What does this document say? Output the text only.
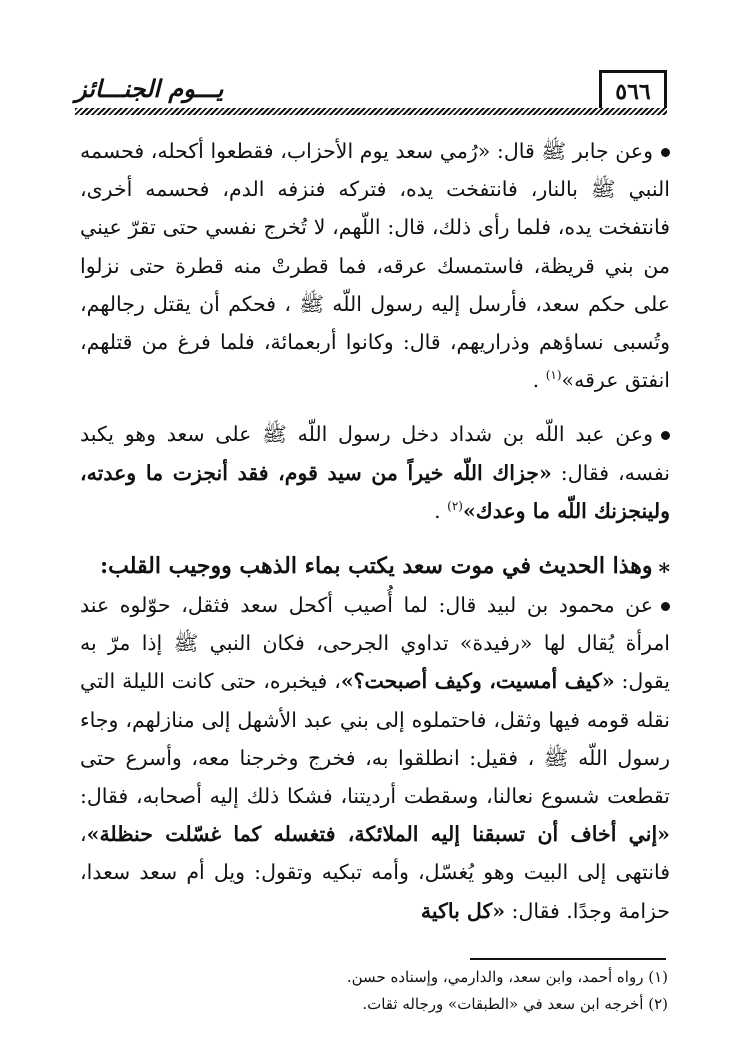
٥٦٦
يـــوم الجنـــائز

وعن جابر ﷺ قال: «رُمي سعد يوم الأحزاب، فقطعوا أكحله، فحسمه النبي ﷺ بالنار، فانتفخت يده، فتركه فنزفه الدم، فحسمه أخرى، فانتفخت يده، فلما رأى ذلك، قال: اللّهم، لا تُخرج نفسي حتى تقرّ عيني من بني قريظة، فاستمسك عرقه، فما قطرتْ منه قطرة حتى نزلوا على حكم سعد، فأرسل إليه رسول اللّه ﷺ ، فحكم أن يقتل رجالهم، وتُسبى نساؤهم وذراريهم، قال: وكانوا أربعمائة، فلما فرغ من قتلهم، انفتق عرقه»$^{(١)}$ .

وعن عبد اللّه بن شداد دخل رسول اللّه ﷺ على سعد وهو يكبد نفسه، فقال: «جزاك اللّه خيراً من سيد قوم، فقد أنجزت ما وعدته، ولينجزنك اللّه ما وعدك»$^{(٢)}$ .

⁎وهذا الحديث في موت سعد يكتب بماء الذهب ووجيب القلب:

عن محمود بن لبيد قال: لما أُصيب أكحل سعد فثقل، حوّلوه عند امرأة يُقال لها «رفيدة» تداوي الجرحى، فكان النبي ﷺ إذا مرّ به يقول: «كيف أمسيت، وكيف أصبحت؟»، فيخبره، حتى كانت الليلة التي نقله قومه فيها وثقل، فاحتملوه إلى بني عبد الأشهل إلى منازلهم، وجاء رسول اللّه ﷺ ، فقيل: انطلقوا به، فخرج وخرجنا معه، وأسرع حتى تقطعت شسوع نعالنا، وسقطت أرديتنا، فشكا ذلك إليه أصحابه، فقال: «إني أخاف أن تسبقنا إليه الملائكة، فتغسله كما غسّلت حنظلة»، فانتهى إلى البيت وهو يُغسّل، وأمه تبكيه وتقول: ويل أم سعد سعدا، حزامة وجدًا. فقال: «كل باكية

(١) رواه أحمد، وابن سعد، والدارمي، وإسناده حسن.

(٢) أخرجه ابن سعد في «الطبقات» ورجاله ثقات.
